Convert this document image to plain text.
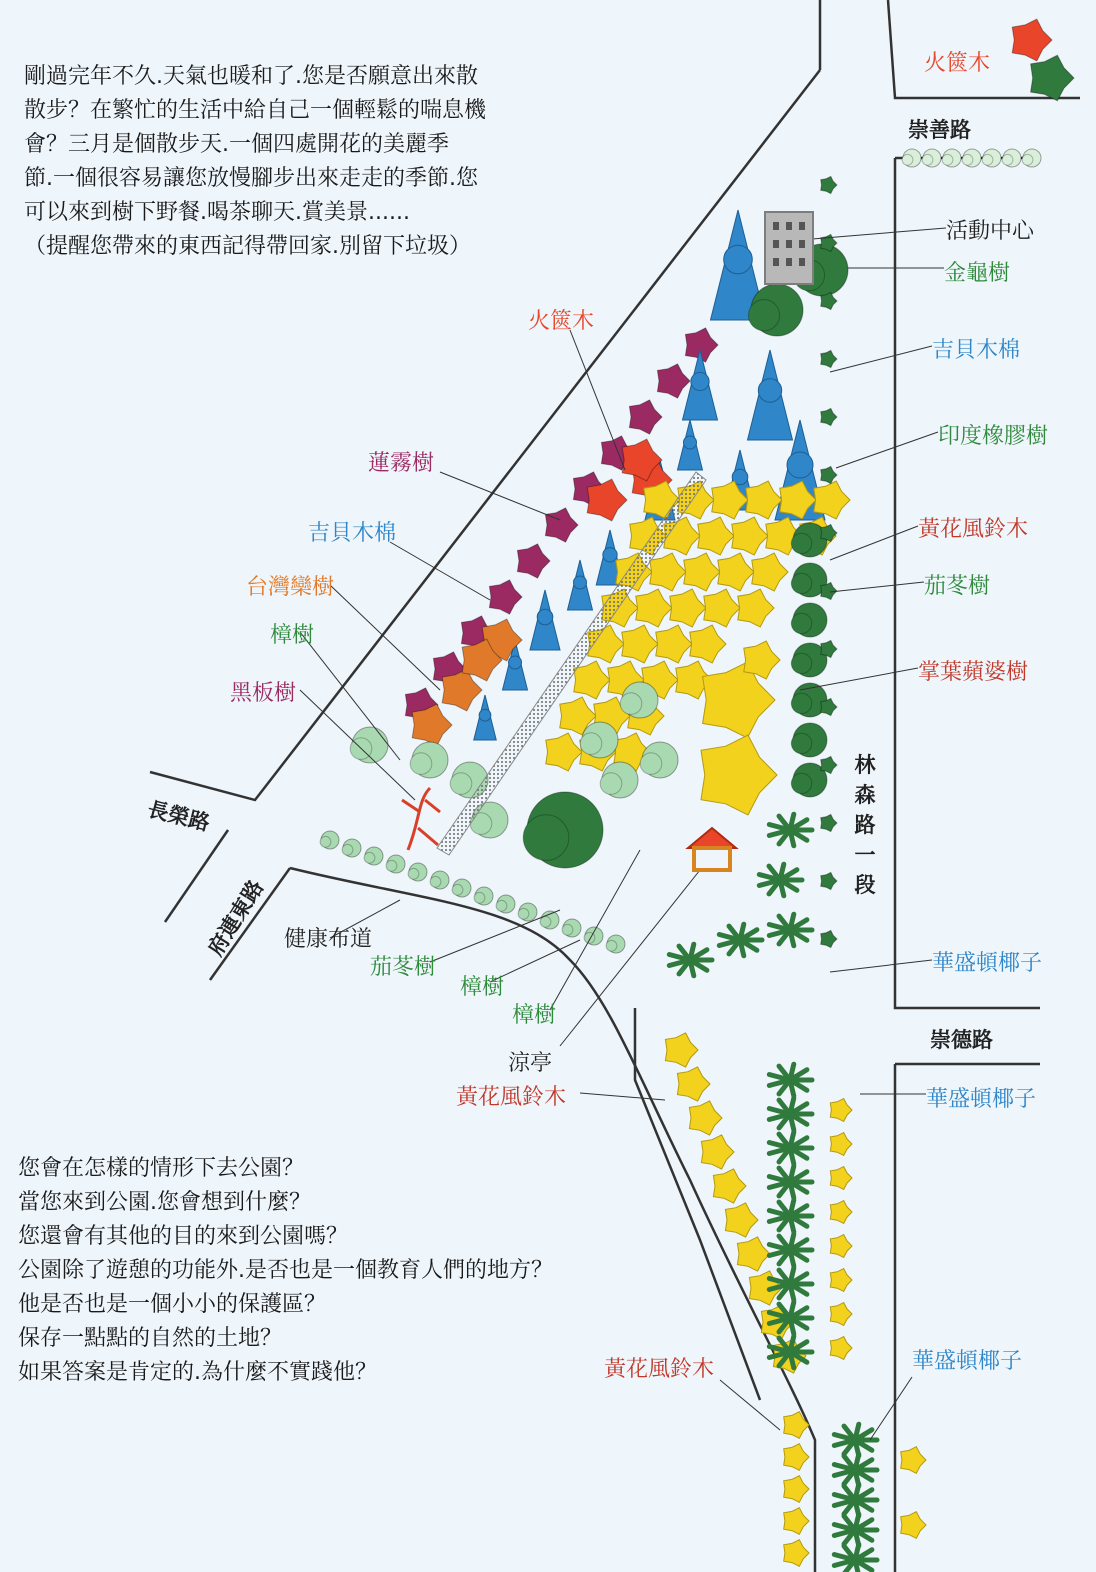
剛過完年不久.天氣也暖和了.您是否願意出來散
散步？在繁忙的生活中給自己一個輕鬆的喘息機
會？三月是個散步天.一個四處開花的美麗季
節.一個很容易讓您放慢腳步出來走走的季節.您
可以來到樹下野餐.喝茶聊天.賞美景......
（提醒您帶來的東西記得帶回家.別留下垃圾）
您會在怎樣的情形下去公園？
當您來到公園.您會想到什麼？
您還會有其他的目的來到公園嗎？
公園除了遊憩的功能外.是否也是一個教育人們的地方？
他是否也是一個小小的保護區？
保存一點點的自然的土地？
如果答案是肯定的.為什麼不實踐他？
崇善路
崇德路
林森路一段
長榮路
府連東路
火篋木
活動中心
金龜樹
吉貝木棉
印度橡膠樹
黃花風鈴木
茄苳樹
掌葉蘋婆樹
火篋木
蓮霧樹
吉貝木棉
台灣欒樹
樟樹
黑板樹
健康布道
茄苳樹
樟樹
樟樹
涼亭
黃花風鈴木
華盛頓椰子
華盛頓椰子
華盛頓椰子
黃花風鈴木
